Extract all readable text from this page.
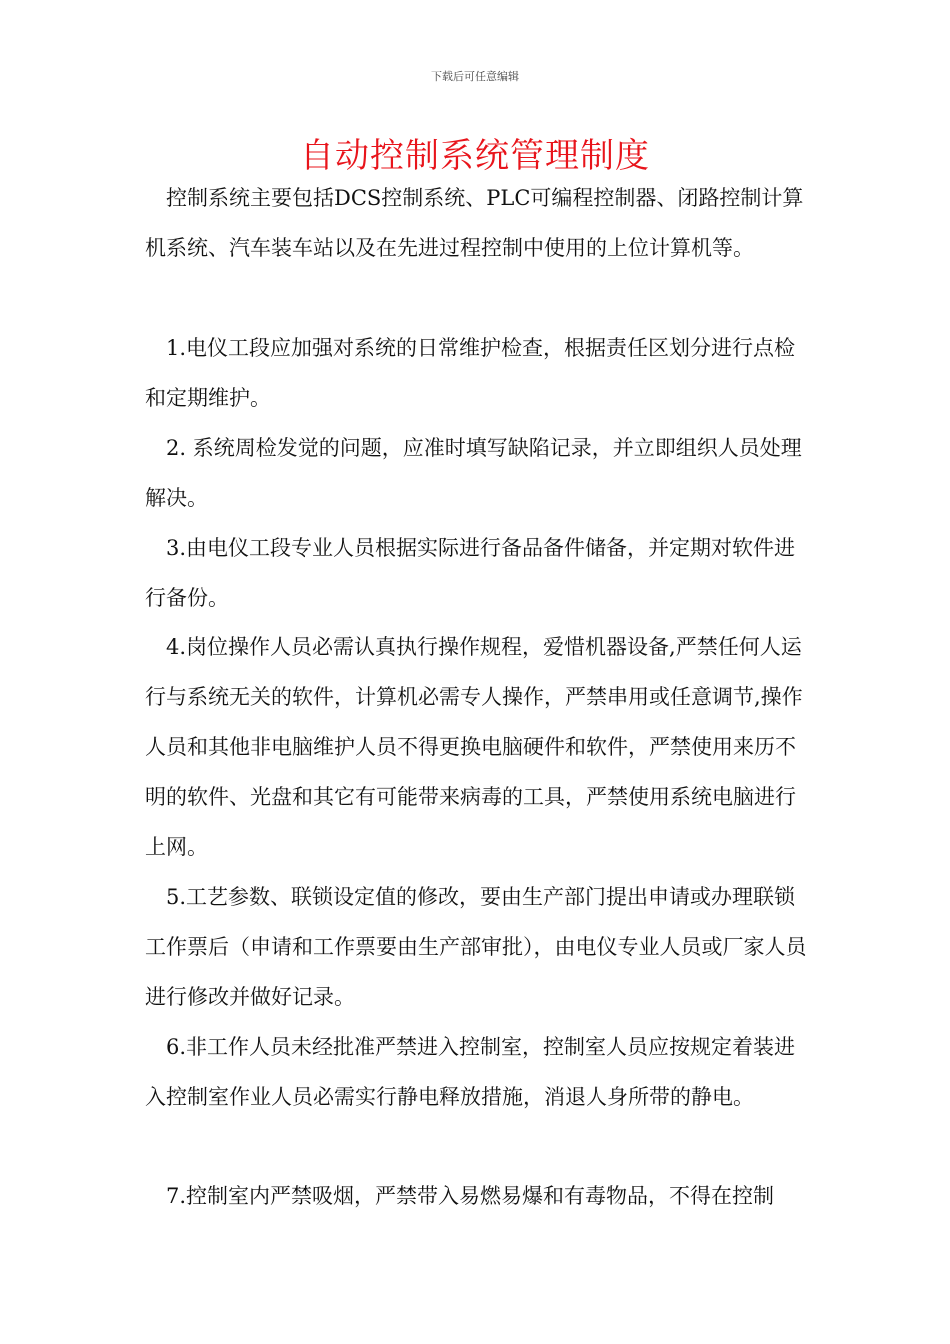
下载后可任意编辑
自动控制系统管理制度

控制系统主要包括DCS控制系统、PLC可编程控制器、闭路控制计算机系统、汽车装车站以及在先进过程控制中使用的上位计算机等。

1.电仪工段应加强对系统的日常维护检查，根据责任区划分进行点检和定期维护。

2. 系统周检发觉的问题，应准时填写缺陷记录，并立即组织人员处理解决。

3.由电仪工段专业人员根据实际进行备品备件储备，并定期对软件进行备份。

4.岗位操作人员必需认真执行操作规程，爱惜机器设备,严禁任何人运行与系统无关的软件，计算机必需专人操作，严禁串用或任意调节,操作人员和其他非电脑维护人员不得更换电脑硬件和软件，严禁使用来历不明的软件、光盘和其它有可能带来病毒的工具，严禁使用系统电脑进行上网。

5.工艺参数、联锁设定值的修改，要由生产部门提出申请或办理联锁工作票后（申请和工作票要由生产部审批），由电仪专业人员或厂家人员进行修改并做好记录。

6.非工作人员未经批准严禁进入控制室，控制室人员应按规定着装进入控制室作业人员必需实行静电释放措施，消退人身所带的静电。

7.控制室内严禁吸烟，严禁带入易燃易爆和有毒物品，不得在控制
